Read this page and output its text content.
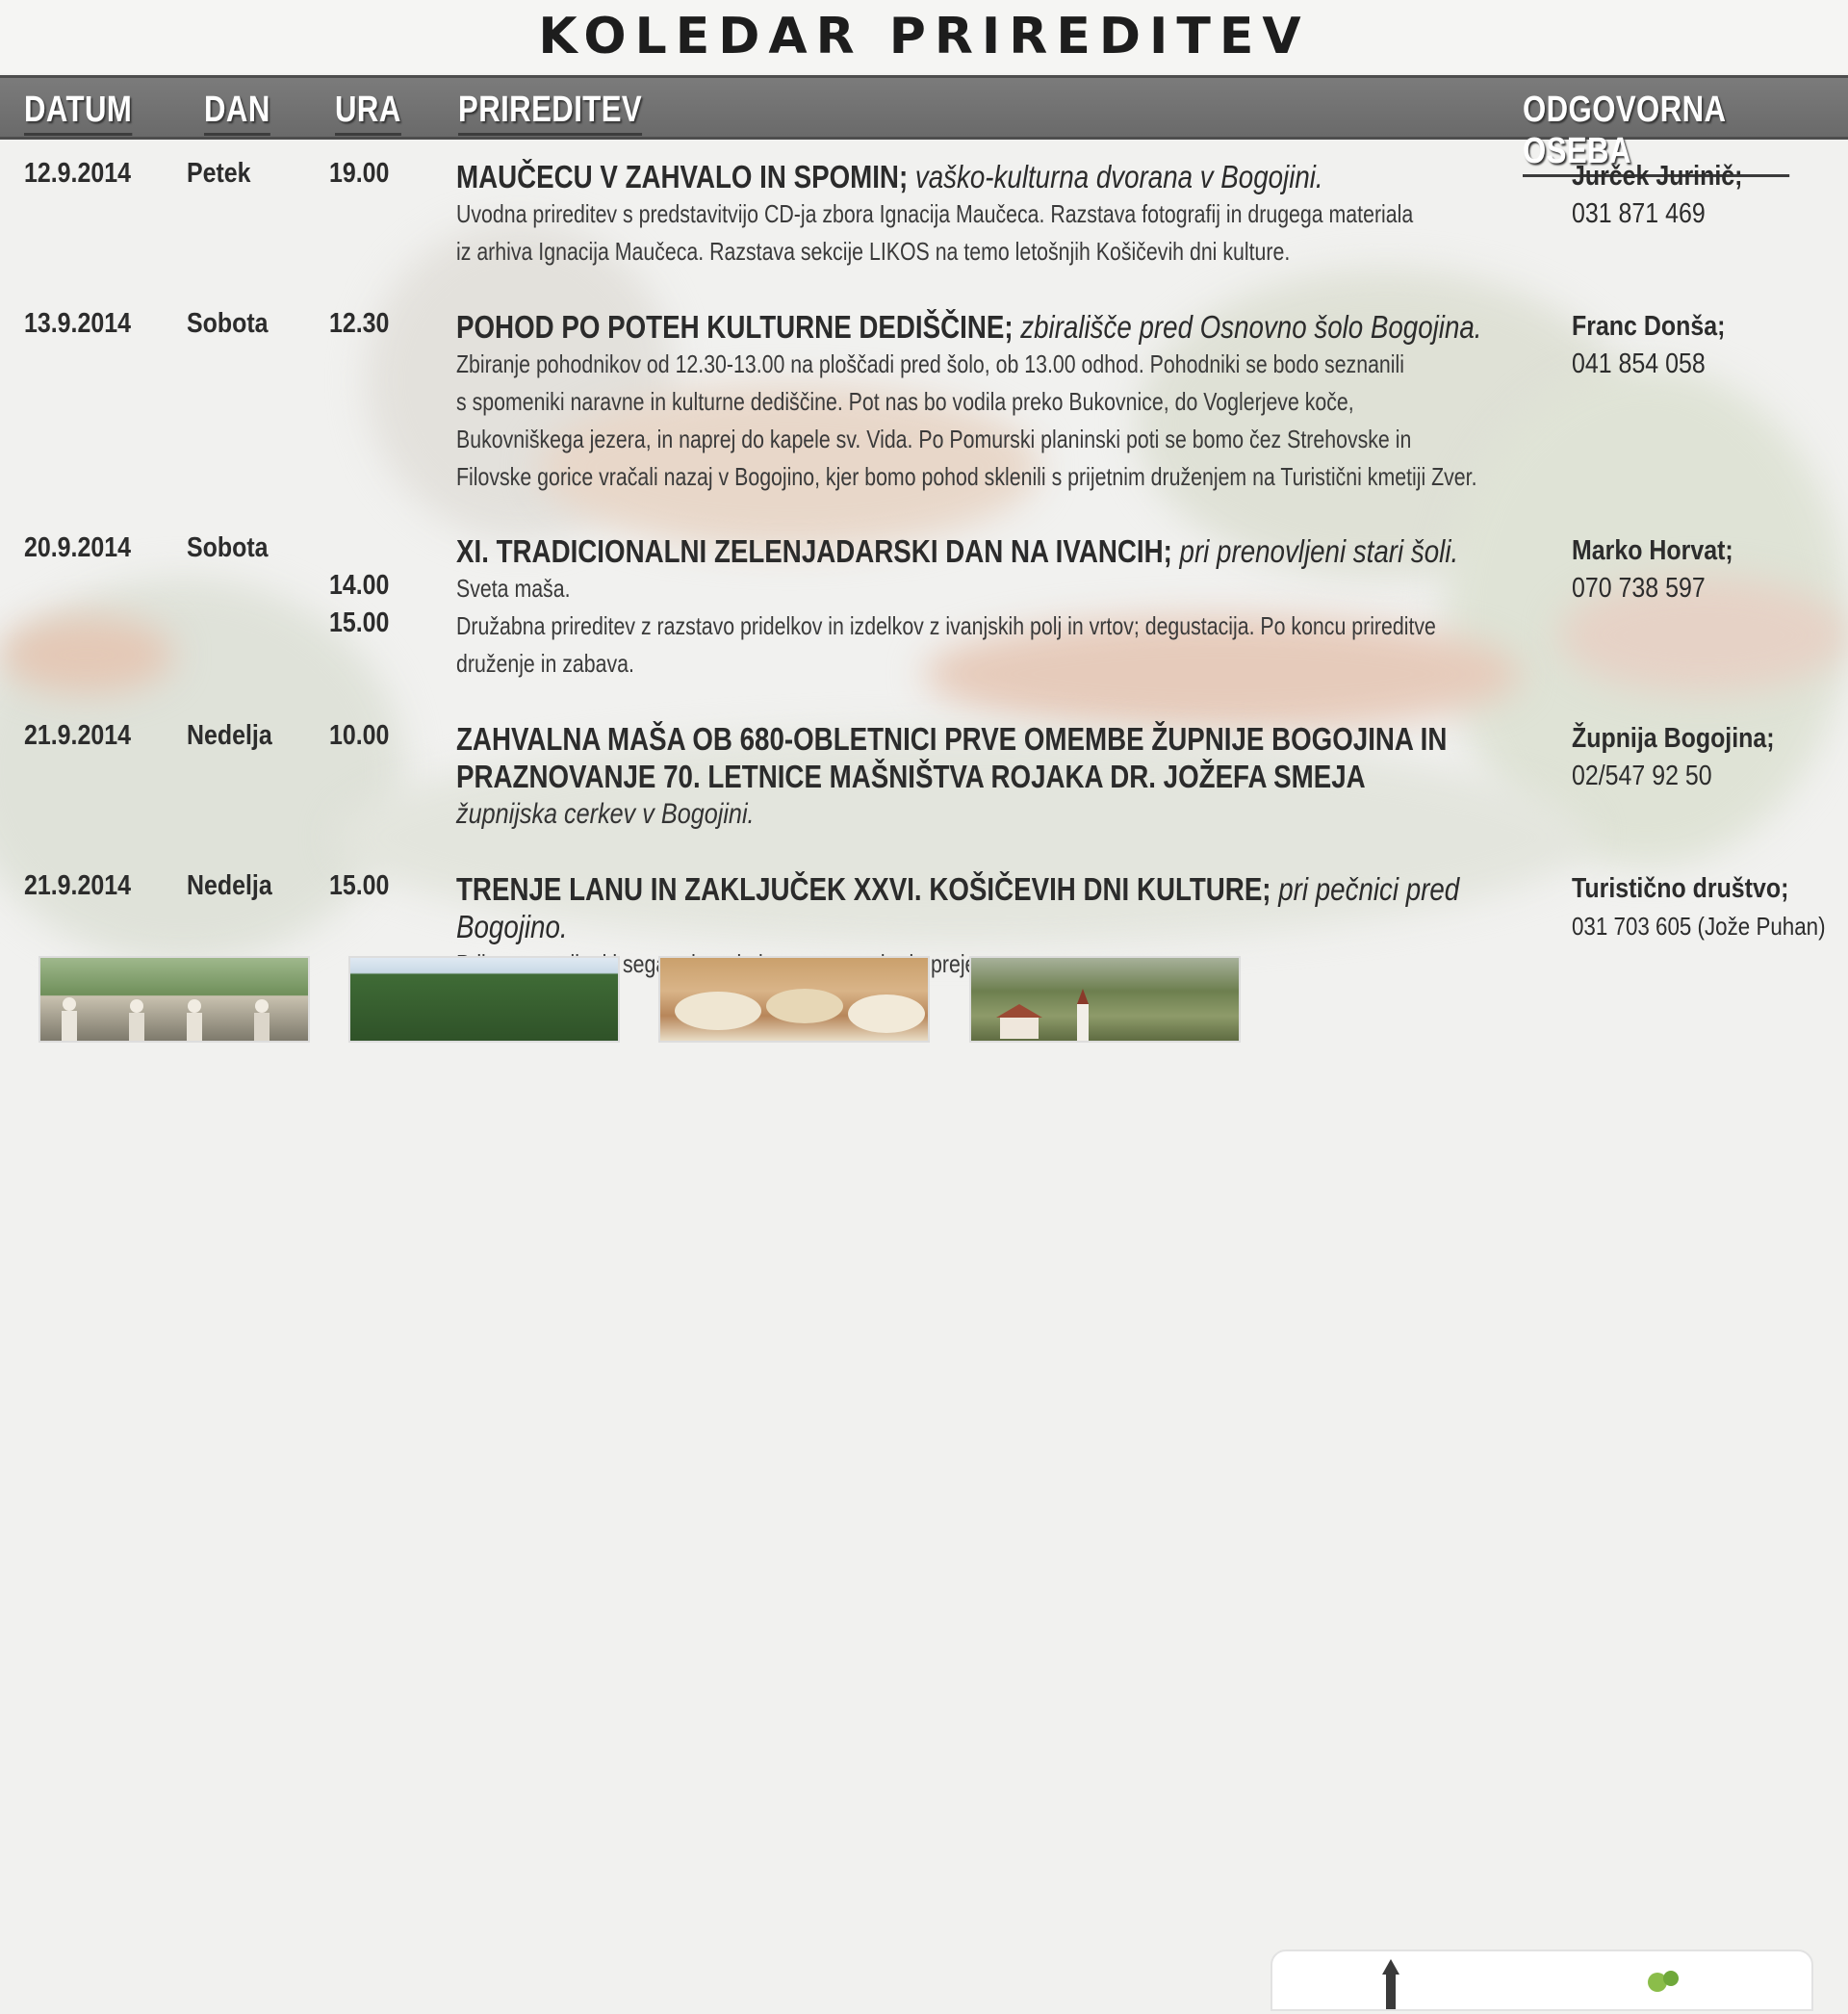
KOLEDAR PRIREDITEV
DATUM DAN URA PRIREDITEV	ODGOVORNA OSEBA
12.9.2014 Petek	19.00 MAUČECU V ZAHVALO IN SPOMIN; vaško-kulturna dvorana v Bogojini.
Uvodna prireditev s predstavitvijo CD-ja zbora Ignacija Maučeca. Razstava fotografij in drugega materiala
iz arhiva Ignacija Maučeca. Razstava sekcije LIKOS na temo letošnjih Košičevih dni kulture.
Jurček Jurinič;
031 871 469
13.9.2014 Sobota 12.30 POHOD PO POTEH KULTURNE DEDIŠČINE; zbirališče pred Osnovno šolo Bogojina.
Zbiranje pohodnikov od 12.30-13.00 na ploščadi pred šolo, ob 13.00 odhod. Pohodniki se bodo seznanili
s spomeniki naravne in kulturne dediščine. Pot nas bo vodila preko Bukovnice, do Voglerjeve koče,
Bukovniškega jezera, in naprej do kapele sv. Vida. Po Pomurski planinski poti se bomo čez Strehovske in
Filovske gorice vračali nazaj v Bogojino, kjer bomo pohod sklenili s prijetnim druženjem na Turistični kmetiji Zver.
Franc Donša;
041 854 058
20.9.2014 Sobota
14.00
15.00
XI. TRADICIONALNI ZELENJADARSKI DAN NA IVANCIH; pri prenovljeni stari šoli.
Sveta maša.
Družabna prireditev z razstavo pridelkov in izdelkov z ivanjskih polj in vrtov; degustacija. Po koncu prireditve
druženje in zabava.
Marko Horvat;
070 738 597
21.9.2014 Nedelja 10.00 ZAHVALNA MAŠA OB 680-OBLETNICI PRVE OMEMBE ŽUPNIJE BOGOJINA IN
PRAZNOVANJE 70. LETNICE MAŠNIŠTVA ROJAKA DR. JOŽEFA SMEJA
župnijska cerkev v Bogojini.
Župnija Bogojina;
02/547 92 50
21.9.2014 Nedelja 15.00 TRENJE LANU IN ZAKLJUČEK XXVI. KOŠIČEVIH DNI KULTURE; pri pečnici pred Bogojino.
sega preje.
Turistično društvo;
031 703 605 (Jože Puhan)
